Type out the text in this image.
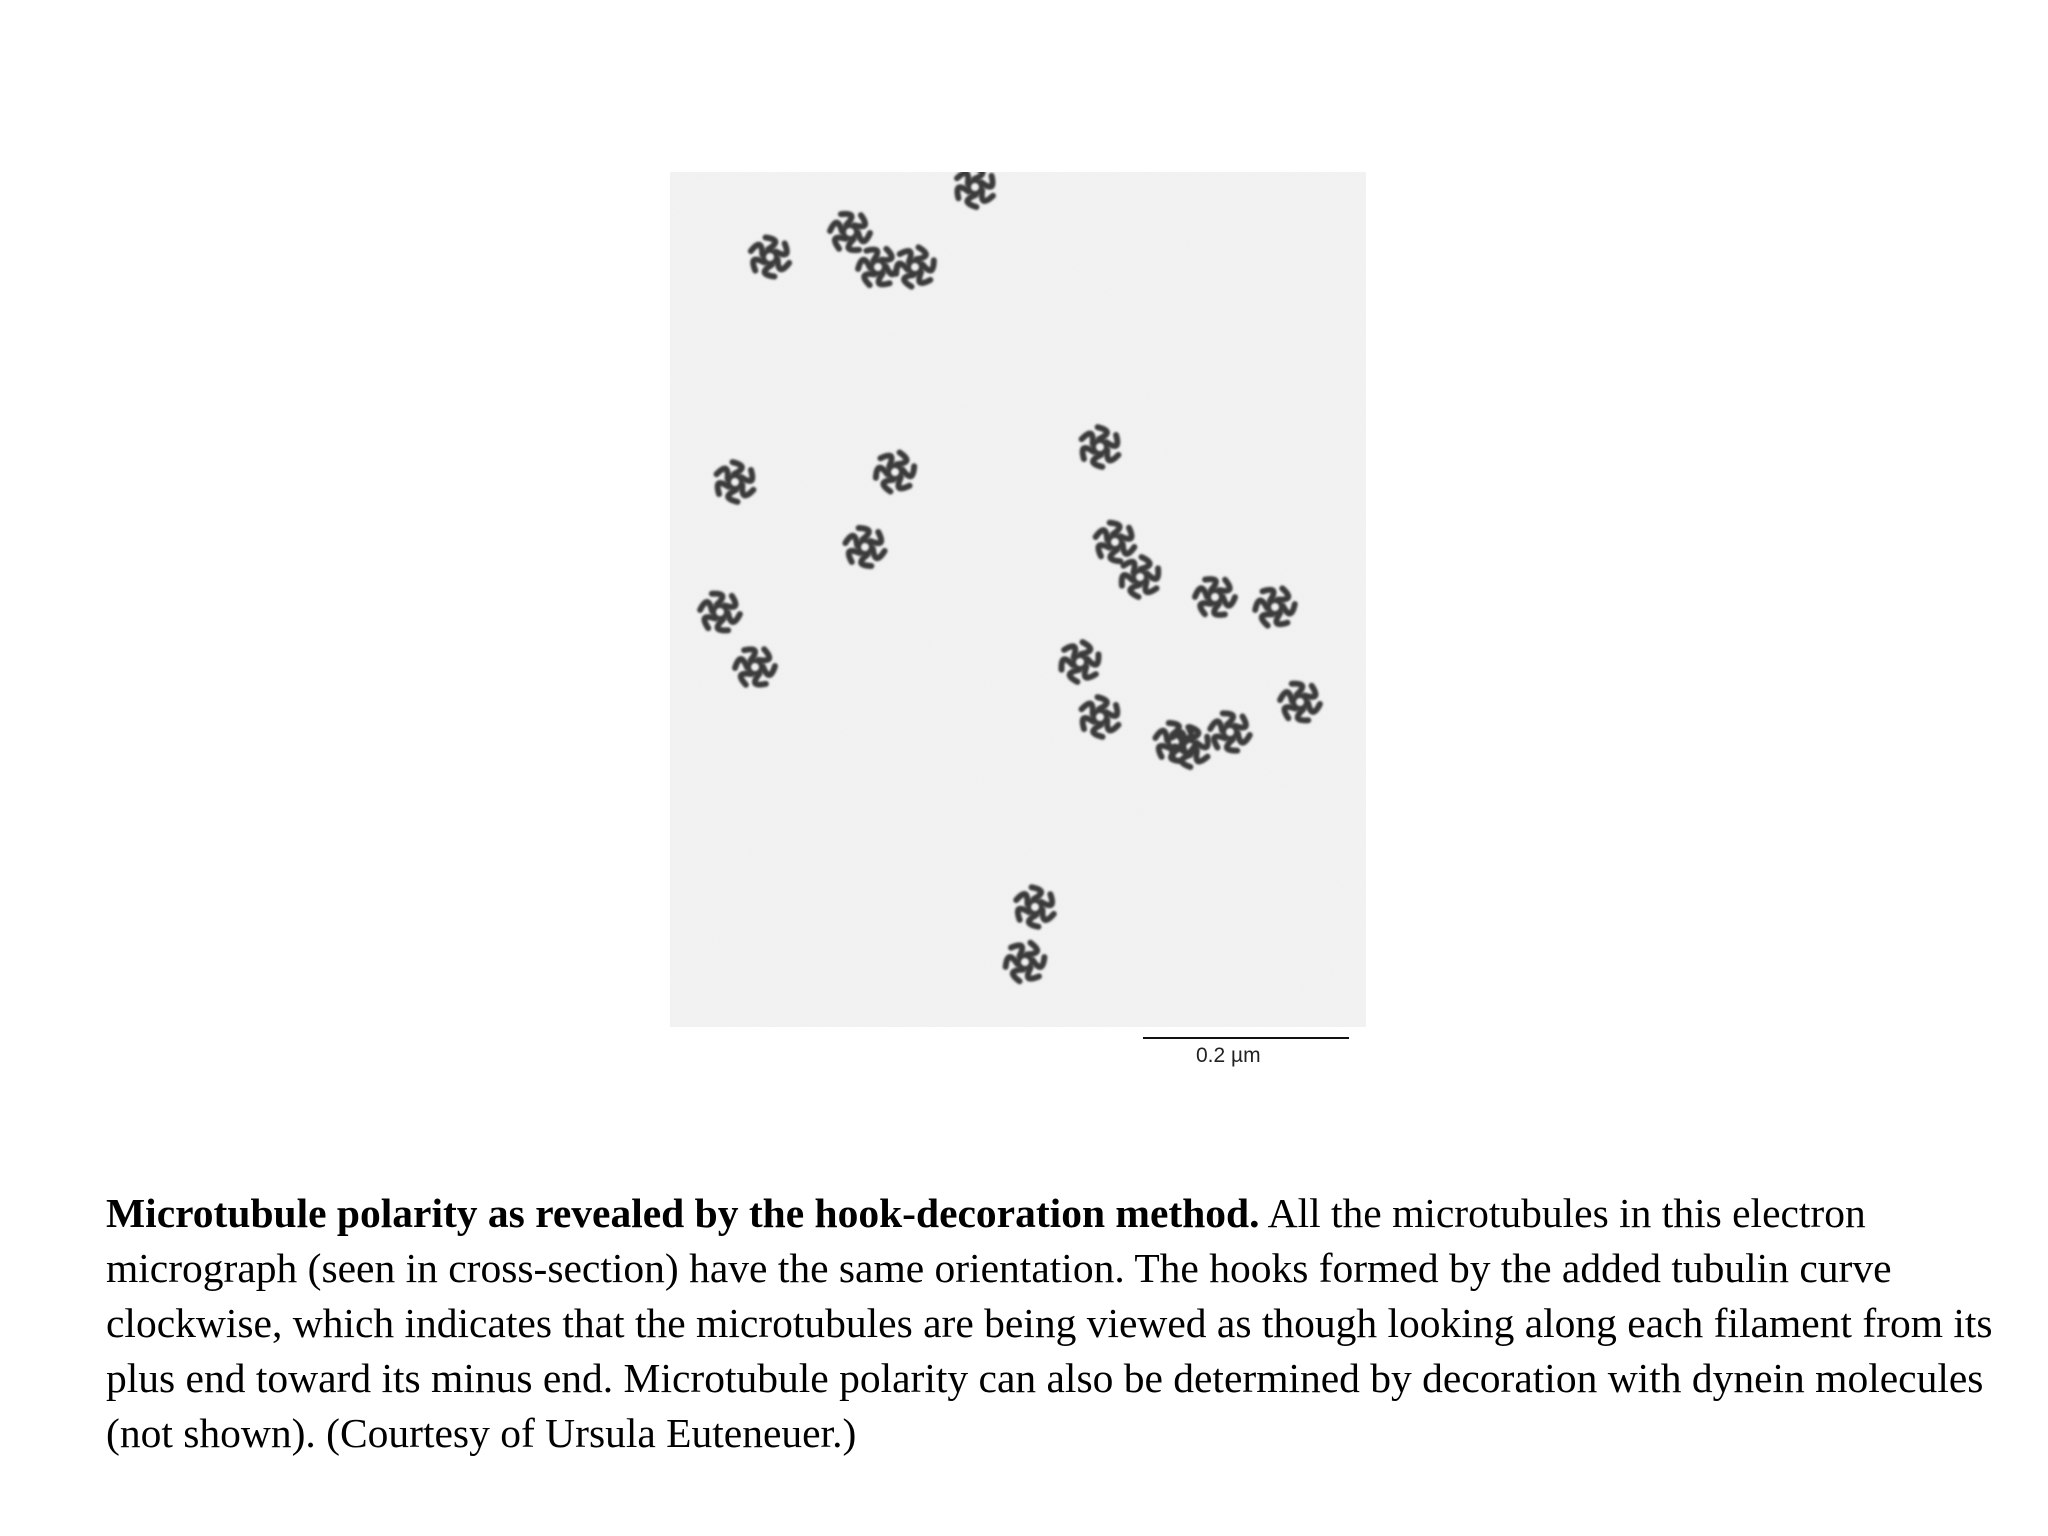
0.2 µm
Microtubule polarity as revealed by the hook-decoration method. All the microtubules in this electron micrograph (seen in cross-section) have the same orientation. The hooks formed by the added tubulin curve clockwise, which indicates that the microtubules are being viewed as though looking along each filament from its plus end toward its minus end. Microtubule polarity can also be determined by decoration with dynein molecules (not shown). (Courtesy of Ursula Euteneuer.)
